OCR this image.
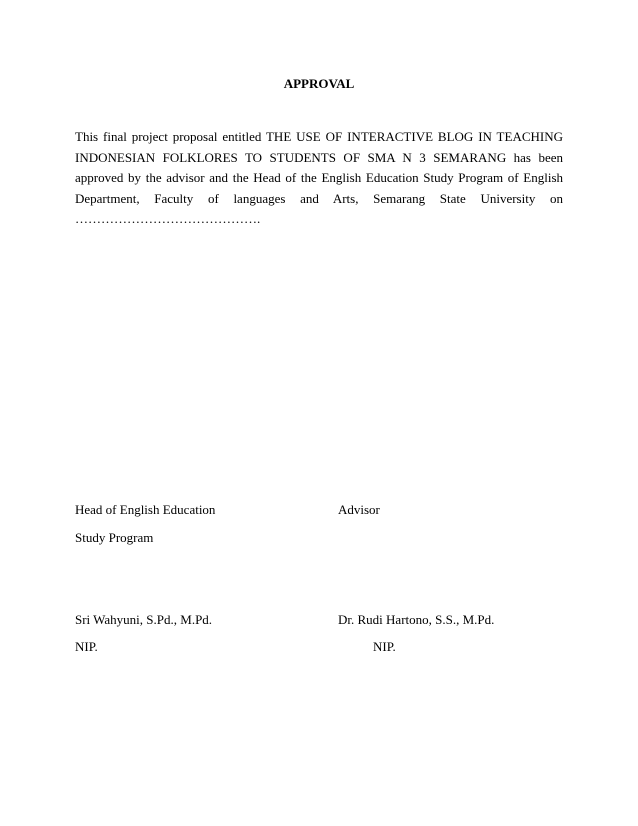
APPROVAL
This final project proposal entitled THE USE OF INTERACTIVE BLOG IN TEACHING INDONESIAN FOLKLORES TO STUDENTS OF SMA N 3 SEMARANG has been approved by the advisor and the Head of the English Education Study Program of English Department, Faculty of languages and Arts, Semarang State University on …………………………………….
Head of English Education
Study Program
Sri Wahyuni, S.Pd., M.Pd.
NIP.
Advisor
Dr. Rudi Hartono, S.S., M.Pd.
NIP.
